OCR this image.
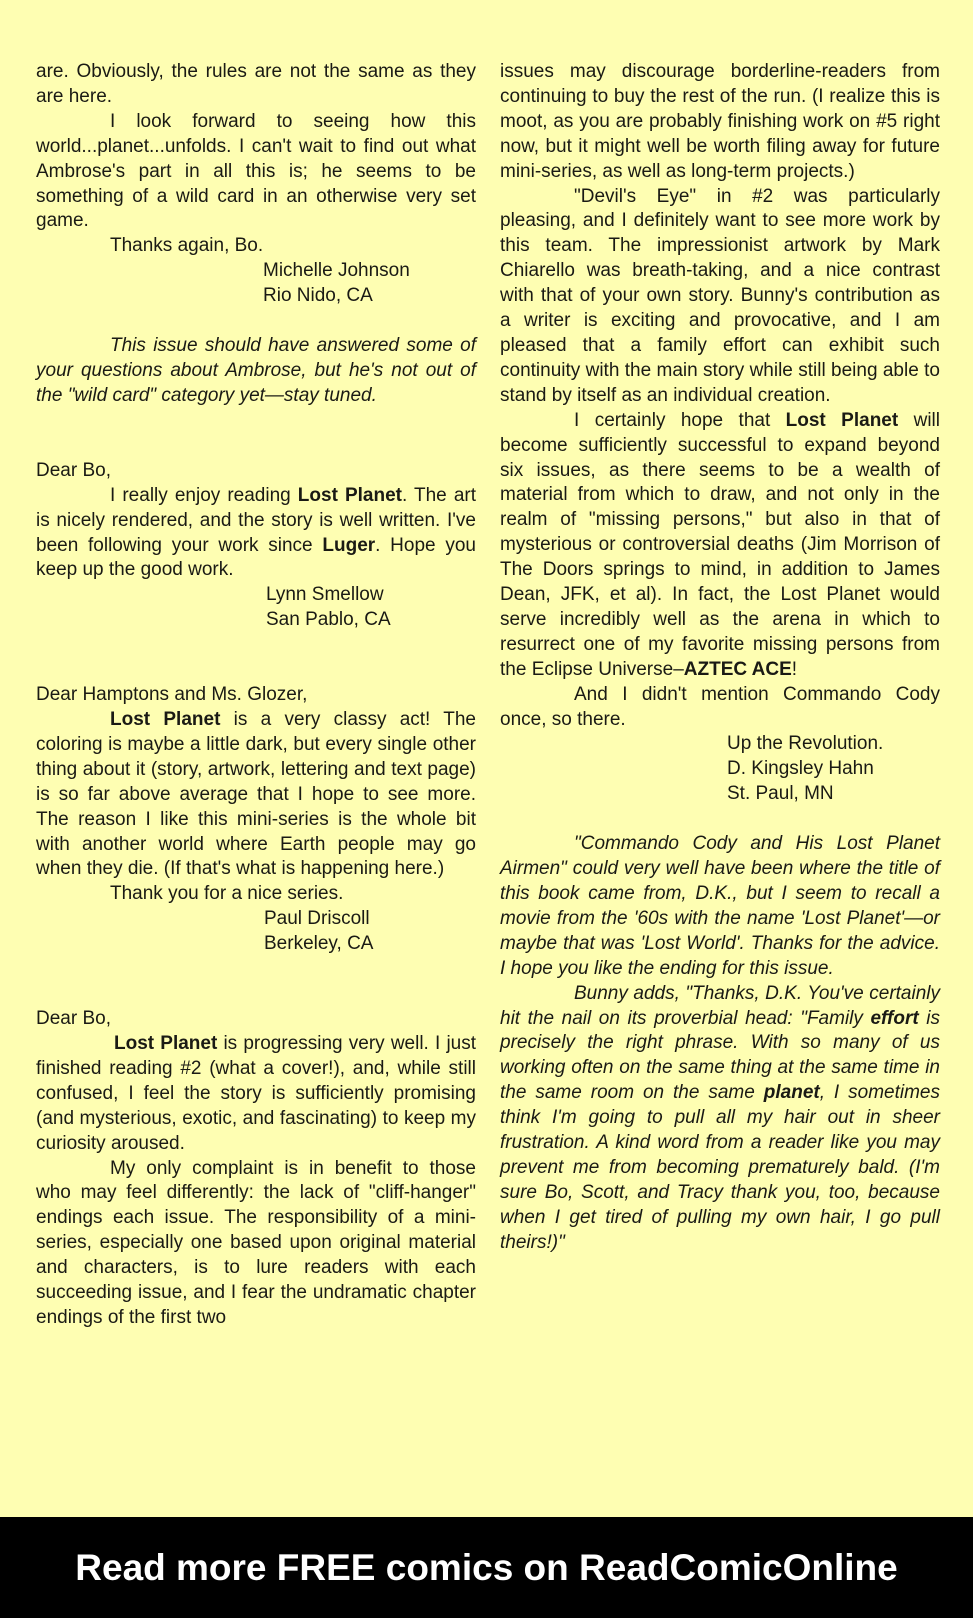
are. Obviously, the rules are not the same as they are here.

I look forward to seeing how this world...planet...unfolds. I can't wait to find out what Ambrose's part in all this is; he seems to be something of a wild card in an otherwise very set game.

Thanks again, Bo.

Michelle Johnson

Rio Nido, CA

This issue should have answered some of your questions about Ambrose, but he's not out of the "wild card" category yet—stay tuned.

Dear Bo,

I really enjoy reading Lost Planet. The art is nicely rendered, and the story is well written. I've been following your work since Luger. Hope you keep up the good work.

Lynn Smellow

San Pablo, CA

Dear Hamptons and Ms. Glozer,

Lost Planet is a very classy act! The coloring is maybe a little dark, but every single other thing about it (story, artwork, lettering and text page) is so far above average that I hope to see more. The reason I like this mini-series is the whole bit with another world where Earth people may go when they die. (If that's what is happening here.)

Thank you for a nice series.

Paul Driscoll

Berkeley, CA

Dear Bo,

Lost Planet is progressing very well. I just finished reading #2 (what a cover!), and, while still confused, I feel the story is sufficiently promising (and mysterious, exotic, and fascinating) to keep my curiosity aroused.

My only complaint is in benefit to those who may feel differently: the lack of "cliff-hanger" endings each issue. The responsibility of a mini-series, especially one based upon original material and characters, is to lure readers with each succeeding issue, and I fear the undramatic chapter endings of the first two

issues may discourage borderline-readers from continuing to buy the rest of the run. (I realize this is moot, as you are probably finishing work on #5 right now, but it might well be worth filing away for future mini-series, as well as long-term projects.)

"Devil's Eye" in #2 was particularly pleasing, and I definitely want to see more work by this team. The impressionist artwork by Mark Chiarello was breath-taking, and a nice contrast with that of your own story. Bunny's contribution as a writer is exciting and provocative, and I am pleased that a family effort can exhibit such continuity with the main story while still being able to stand by itself as an individual creation.

I certainly hope that Lost Planet will become sufficiently successful to expand beyond six issues, as there seems to be a wealth of material from which to draw, and not only in the realm of "missing persons," but also in that of mysterious or controversial deaths (Jim Morrison of The Doors springs to mind, in addition to James Dean, JFK, et al). In fact, the Lost Planet would serve incredibly well as the arena in which to resurrect one of my favorite missing persons from the Eclipse Universe–AZTEC ACE!

And I didn't mention Commando Cody once, so there.

Up the Revolution.

D. Kingsley Hahn

St. Paul, MN

"Commando Cody and His Lost Planet Airmen" could very well have been where the title of this book came from, D.K., but I seem to recall a movie from the '60s with the name 'Lost Planet'—or maybe that was 'Lost World'. Thanks for the advice. I hope you like the ending for this issue.

Bunny adds, "Thanks, D.K. You've certainly hit the nail on its proverbial head: "Family effort is precisely the right phrase. With so many of us working often on the same thing at the same time in the same room on the same planet, I sometimes think I'm going to pull all my hair out in sheer frustration. A kind word from a reader like you may prevent me from becoming prematurely bald. (I'm sure Bo, Scott, and Tracy thank you, too, because when I get tired of pulling my own hair, I go pull theirs!)"

Read more FREE comics on ReadComicOnline
